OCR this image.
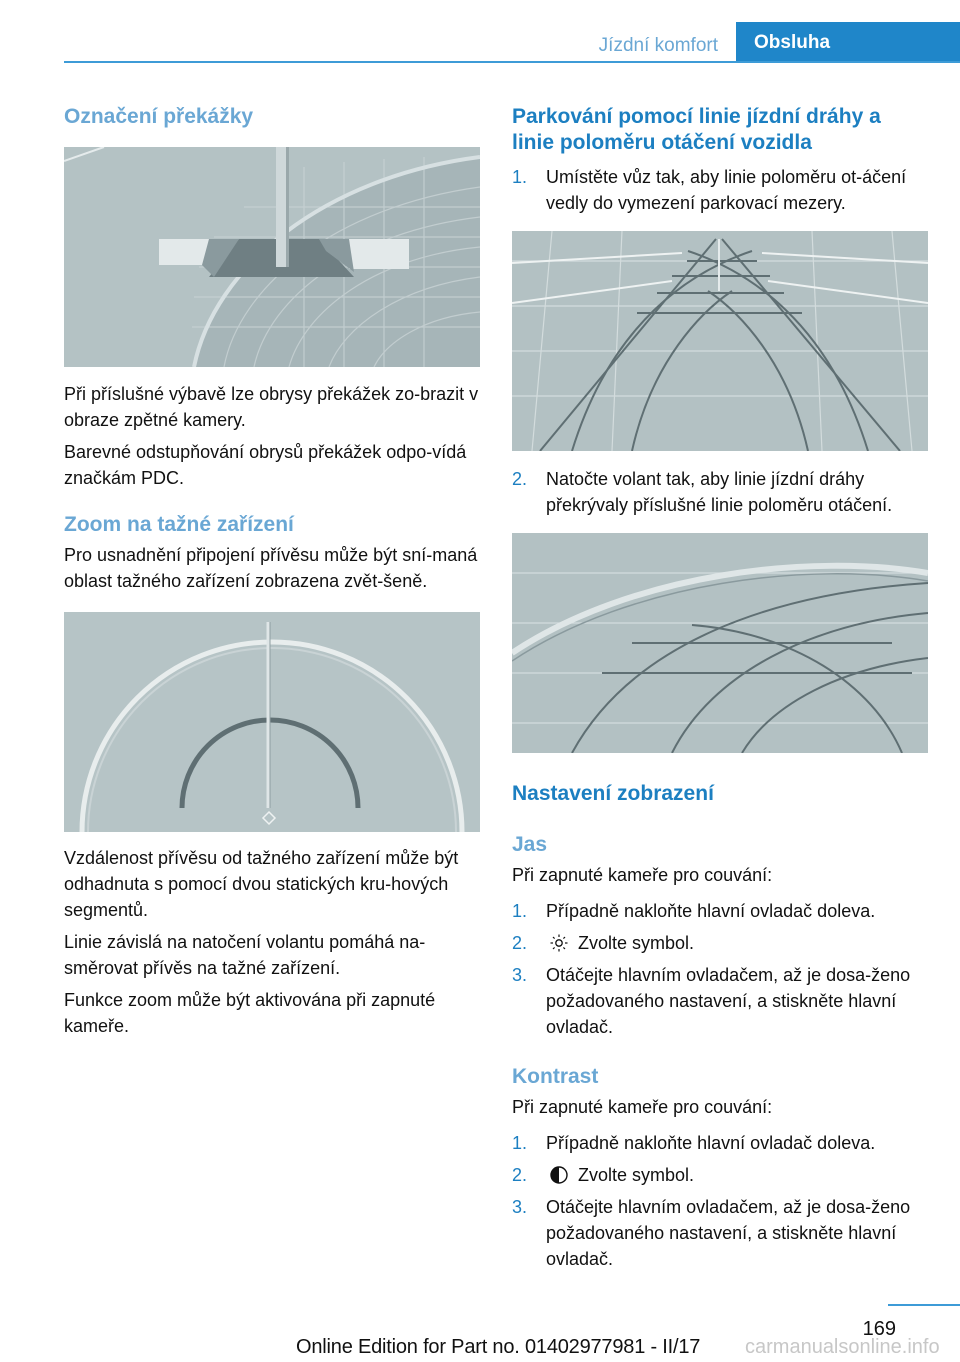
Jízdní komfort	Obsluha
Označení překážky

Při příslušné výbavě lze obrysy překážek zo-brazit v obraze zpětné kamery.

Barevné odstupňování obrysů překážek odpo-vídá značkám PDC.

Zoom na tažné zařízení

Pro usnadnění připojení přívěsu může být sní-maná oblast tažného zařízení zobrazena zvět-šeně.

Vzdálenost přívěsu od tažného zařízení může být odhadnuta s pomocí dvou statických kru-hových segmentů.

Linie závislá na natočení volantu pomáhá na-směrovat přívěs na tažné zařízení.

Funkce zoom může být aktivována při zapnuté kameře.

Parkování pomocí linie jízdní dráhy a linie poloměru otáčení vozidla
1. Umístěte vůz tak, aby linie poloměru ot-áčení vedly do vymezení parkovací mezery.
2. Natočte volant tak, aby linie jízdní dráhy překrývaly příslušné linie poloměru otáčení.
Nastavení zobrazení
Jas

Při zapnuté kameře pro couvání:

1. Případně nakloňte hlavní ovladač doleva.
2.	Zvolte symbol.
3. Otáčejte hlavním ovladačem, až je dosa-ženo požadovaného nastavení, a stiskněte hlavní ovladač.
Kontrast

Při zapnuté kameře pro couvání:

1. Případně nakloňte hlavní ovladač doleva.
2.	Zvolte symbol.
3. Otáčejte hlavním ovladačem, až je dosa-ženo požadovaného nastavení, a stiskněte hlavní ovladač.
169
Online Edition for Part no. 01402977981 - II/17	carmanualsonline.info
